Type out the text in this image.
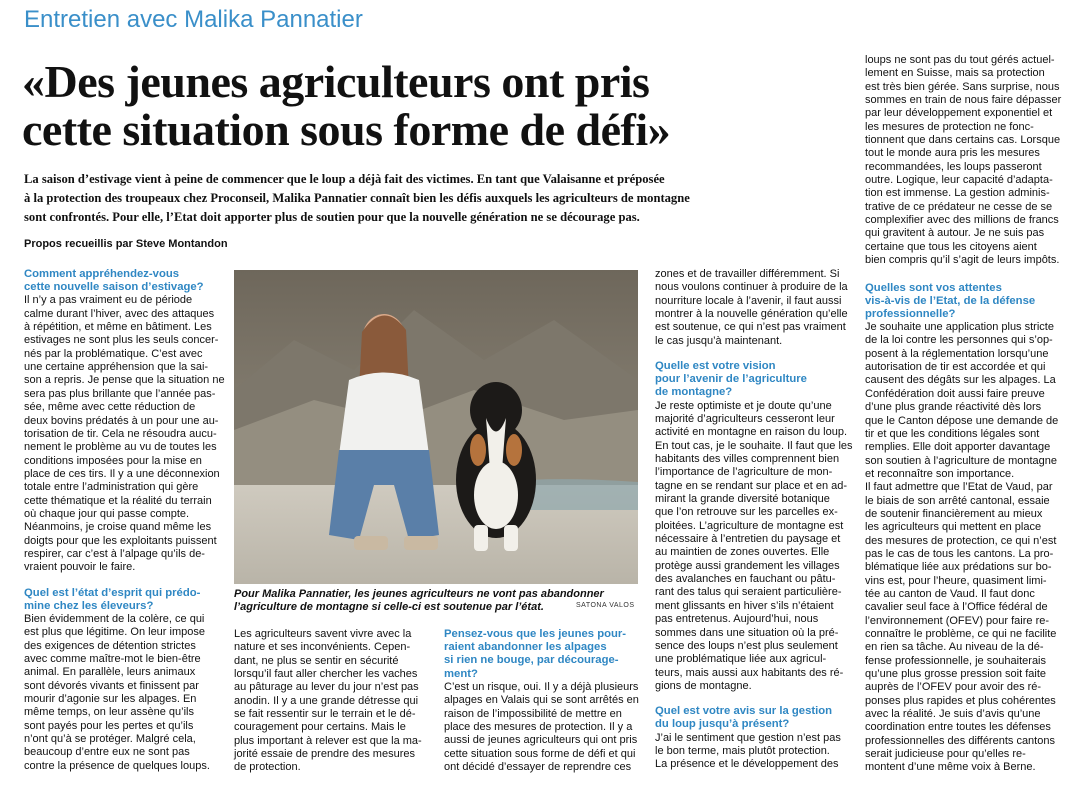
Entretien avec Malika Pannatier
«Des jeunes agriculteurs ont pris
cette situation sous forme de défi»
La saison d’estivage vient à peine de commencer que le loup a déjà fait des victimes. En tant que Valaisanne et préposée
à la protection des troupeaux chez Proconseil, Malika Pannatier connaît bien les défis auxquels les agriculteurs de montagne
sont confrontés. Pour elle, l’Etat doit apporter plus de soutien pour que la nouvelle génération ne se décourage pas.
Propos recueillis par Steve Montandon
Comment appréhendez-vous
cette nouvelle saison d’estivage?
Il n’y a pas vraiment eu de période
calme durant l’hiver, avec des attaques
à répétition, et même en bâtiment. Les
estivages ne sont plus les seuls concer-
nés par la problématique. C’est avec
une certaine appréhension que la sai-
son a repris. Je pense que la situation ne
sera pas plus brillante que l’année pas-
sée, même avec cette réduction de
deux bovins prédatés à un pour une au-
torisation de tir. Cela ne résoudra aucu-
nement le problème au vu de toutes les
conditions imposées pour la mise en
place de ces tirs. Il y a une déconnexion
totale entre l’administration qui gère
cette thématique et la réalité du terrain
où chaque jour qui passe compte.
Néanmoins, je croise quand même les
doigts pour que les exploitants puissent
respirer, car c’est à l’alpage qu’ils de-
vraient pouvoir le faire.
Quel est l’état d’esprit qui prédo-
mine chez les éleveurs?
Bien évidemment de la colère, ce qui
est plus que légitime. On leur impose
des exigences de détention strictes
avec comme maître-mot le bien-être
animal. En parallèle, leurs animaux
sont dévorés vivants et finissent par
mourir d’agonie sur les alpages. En
même temps, on leur assène qu’ils
sont payés pour les pertes et qu’ils
n’ont qu’à se protéger. Malgré cela,
beaucoup d’entre eux ne sont pas
contre la présence de quelques loups.
Pour Malika Pannatier, les jeunes agriculteurs ne vont pas abandonner
l’agriculture de montagne si celle-ci est soutenue par l’état.	SATONA VALOS
Les agriculteurs savent vivre avec la
nature et ses inconvénients. Cepen-
dant, ne plus se sentir en sécurité
lorsqu’il faut aller chercher les vaches
au pâturage au lever du jour n’est pas
anodin. Il y a une grande détresse qui
se fait ressentir sur le terrain et le dé-
couragement pour certains. Mais le
plus important à relever est que la ma-
jorité essaie de prendre des mesures
de protection.
Pensez-vous que les jeunes pour-
raient abandonner les alpages
si rien ne bouge, par décourage-
ment?
C’est un risque, oui. Il y a déjà plusieurs
alpages en Valais qui se sont arrêtés en
raison de l’impossibilité de mettre en
place des mesures de protection. Il y a
aussi de jeunes agriculteurs qui ont pris
cette situation sous forme de défi et qui
ont décidé d’essayer de reprendre ces
zones et de travailler différemment. Si
nous voulons continuer à produire de la
nourriture locale à l’avenir, il faut aussi
montrer à la nouvelle génération qu’elle
est soutenue, ce qui n’est pas vraiment
le cas jusqu’à maintenant.
Quelle est votre vision
pour l’avenir de l’agriculture
de montagne?
Je reste optimiste et je doute qu’une
majorité d’agriculteurs cesseront leur
activité en montagne en raison du loup.
En tout cas, je le souhaite. Il faut que les
habitants des villes comprennent bien
l’importance de l’agriculture de mon-
tagne en se rendant sur place et en ad-
mirant la grande diversité botanique
que l’on retrouve sur les parcelles ex-
ploitées. L’agriculture de montagne est
nécessaire à l’entretien du paysage et
au maintien de zones ouvertes. Elle
protège aussi grandement les villages
des avalanches en fauchant ou pâtu-
rant des talus qui seraient particulière-
ment glissants en hiver s’ils n’étaient
pas entretenus. Aujourd’hui, nous
sommes dans une situation où la pré-
sence des loups n’est plus seulement
une problématique liée aux agricul-
teurs, mais aussi aux habitants des ré-
gions de montagne.
Quel est votre avis sur la gestion
du loup jusqu’à présent?
J’ai le sentiment que gestion n’est pas
le bon terme, mais plutôt protection.
La présence et le développement des
loups ne sont pas du tout gérés actuel-
lement en Suisse, mais sa protection
est très bien gérée. Sans surprise, nous
sommes en train de nous faire dépasser
par leur développement exponentiel et
les mesures de protection ne fonc-
tionnent que dans certains cas. Lorsque
tout le monde aura pris les mesures
recommandées, les loups passeront
outre. Logique, leur capacité d’adapta-
tion est immense. La gestion adminis-
trative de ce prédateur ne cesse de se
complexifier avec des millions de francs
qui gravitent à autour. Je ne suis pas
certaine que tous les citoyens aient
bien compris qu’il s’agit de leurs impôts.
Quelles sont vos attentes
vis-à-vis de l’Etat, de la défense
professionnelle?
Je souhaite une application plus stricte
de la loi contre les personnes qui s’op-
posent à la réglementation lorsqu’une
autorisation de tir est accordée et qui
causent des dégâts sur les alpages. La
Confédération doit aussi faire preuve
d’une plus grande réactivité dès lors
que le Canton dépose une demande de
tir et que les conditions légales sont
remplies. Elle doit apporter davantage
son soutien à l’agriculture de montagne
et reconnaître son importance.
Il faut admettre que l’Etat de Vaud, par
le biais de son arrêté cantonal, essaie
de soutenir financièrement au mieux
les agriculteurs qui mettent en place
des mesures de protection, ce qui n’est
pas le cas de tous les cantons. La pro-
blématique liée aux prédations sur bo-
vins est, pour l’heure, quasiment limi-
tée au canton de Vaud. Il faut donc
cavalier seul face à l’Office fédéral de
l’environnement (OFEV) pour faire re-
connaître le problème, ce qui ne facilite
en rien sa tâche. Au niveau de la dé-
fense professionnelle, je souhaiterais
qu’une plus grosse pression soit faite
auprès de l’OFEV pour avoir des ré-
ponses plus rapides et plus cohérentes
avec la réalité. Je suis d’avis qu’une
coordination entre toutes les défenses
professionnelles des différents cantons
serait judicieuse pour qu’elles re-
montent d’une même voix à Berne.
